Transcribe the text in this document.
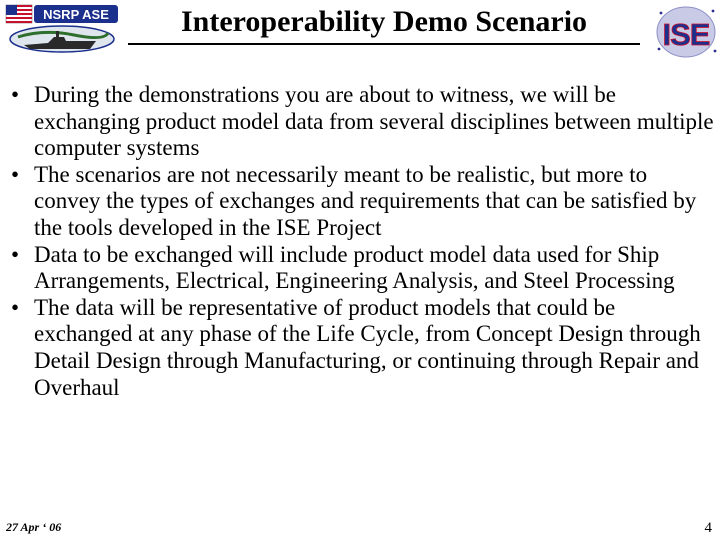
NSRP ASE	Interoperability Demo Scenario	ISE
• During the demonstrations you are about to witness, we will be exchanging product model data from several disciplines between multiple computer systems
• The scenarios are not necessarily meant to be realistic, but more to convey the types of exchanges and requirements that can be satisfied by the tools developed in the ISE Project
• Data to be exchanged will include product model data used for Ship Arrangements, Electrical, Engineering Analysis, and Steel Processing
• The data will be representative of product models that could be exchanged at any phase of the Life Cycle, from Concept Design through Detail Design through Manufacturing, or continuing through Repair and Overhaul
27 Apr ‘ 06	4
